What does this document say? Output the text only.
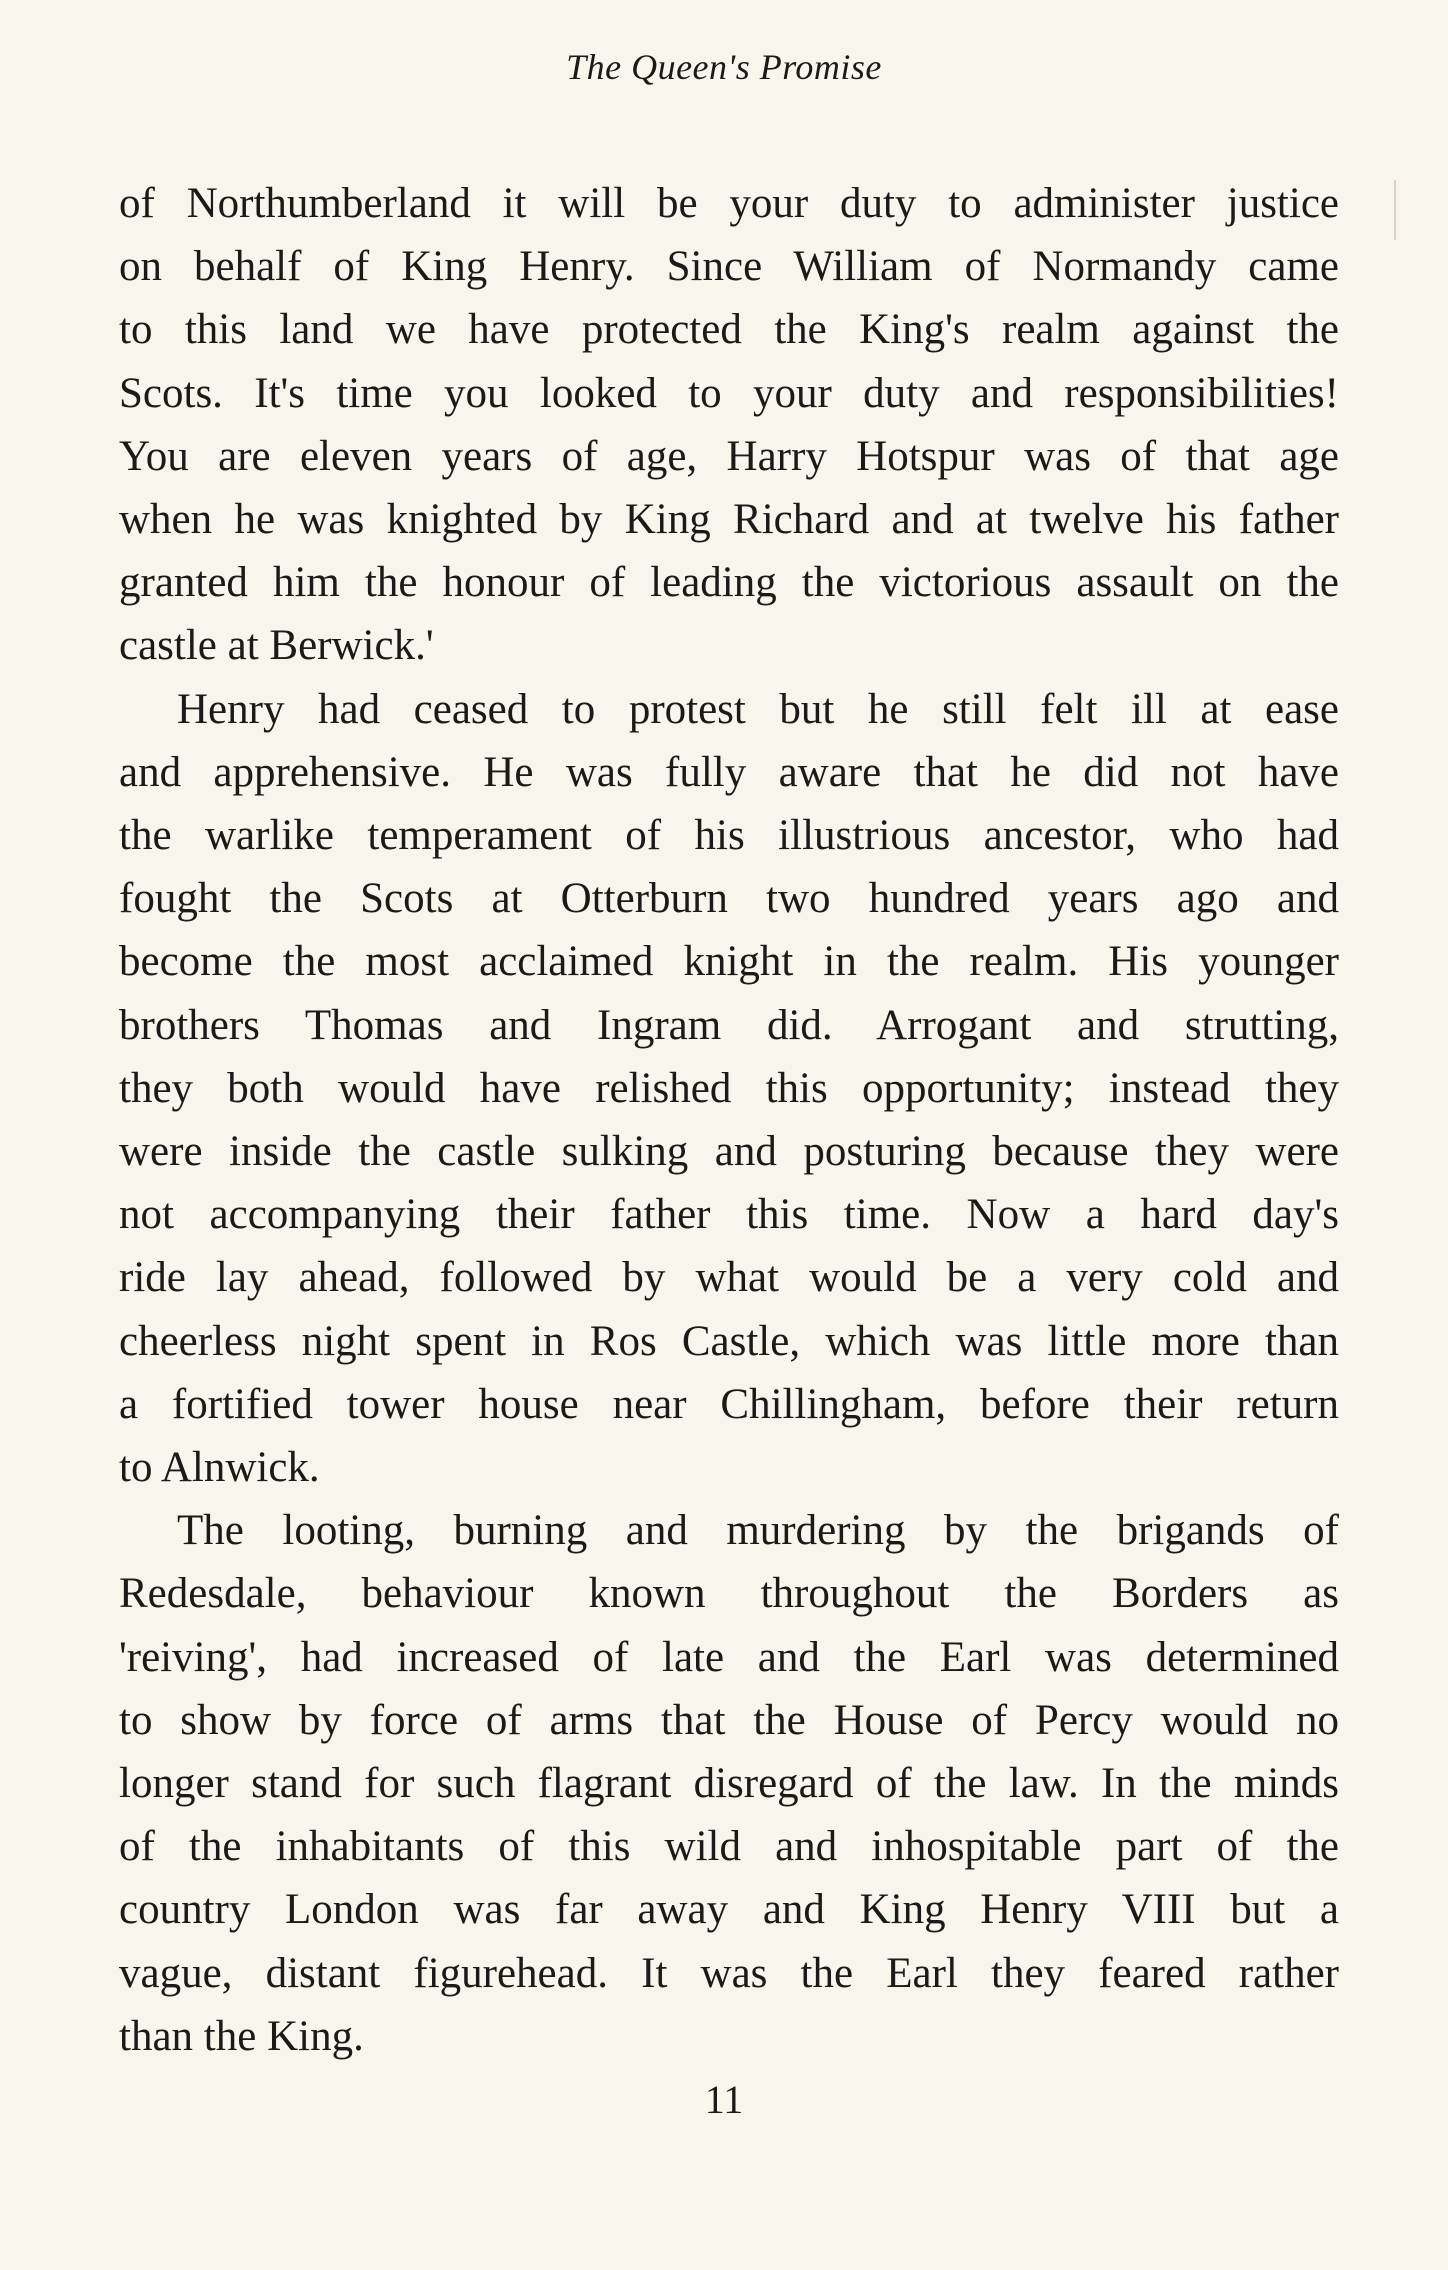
The Queen's Promise
of Northumberland it will be your duty to administer justice
on behalf of King Henry. Since William of Normandy came
to this land we have protected the King's realm against the
Scots. It's time you looked to your duty and responsibilities!
You are eleven years of age, Harry Hotspur was of that age
when he was knighted by King Richard and at twelve his father
granted him the honour of leading the victorious assault on the
castle at Berwick.'
Henry had ceased to protest but he still felt ill at ease
and apprehensive. He was fully aware that he did not have
the warlike temperament of his illustrious ancestor, who had
fought the Scots at Otterburn two hundred years ago and
become the most acclaimed knight in the realm. His younger
brothers Thomas and Ingram did. Arrogant and strutting,
they both would have relished this opportunity; instead they
were inside the castle sulking and posturing because they were
not accompanying their father this time. Now a hard day's
ride lay ahead, followed by what would be a very cold and
cheerless night spent in Ros Castle, which was little more than
a fortified tower house near Chillingham, before their return
to Alnwick.
The looting, burning and murdering by the brigands of
Redesdale, behaviour known throughout the Borders as
'reiving', had increased of late and the Earl was determined
to show by force of arms that the House of Percy would no
longer stand for such flagrant disregard of the law. In the minds
of the inhabitants of this wild and inhospitable part of the
country London was far away and King Henry VIII but a
vague, distant figurehead. It was the Earl they feared rather
than the King.
11
